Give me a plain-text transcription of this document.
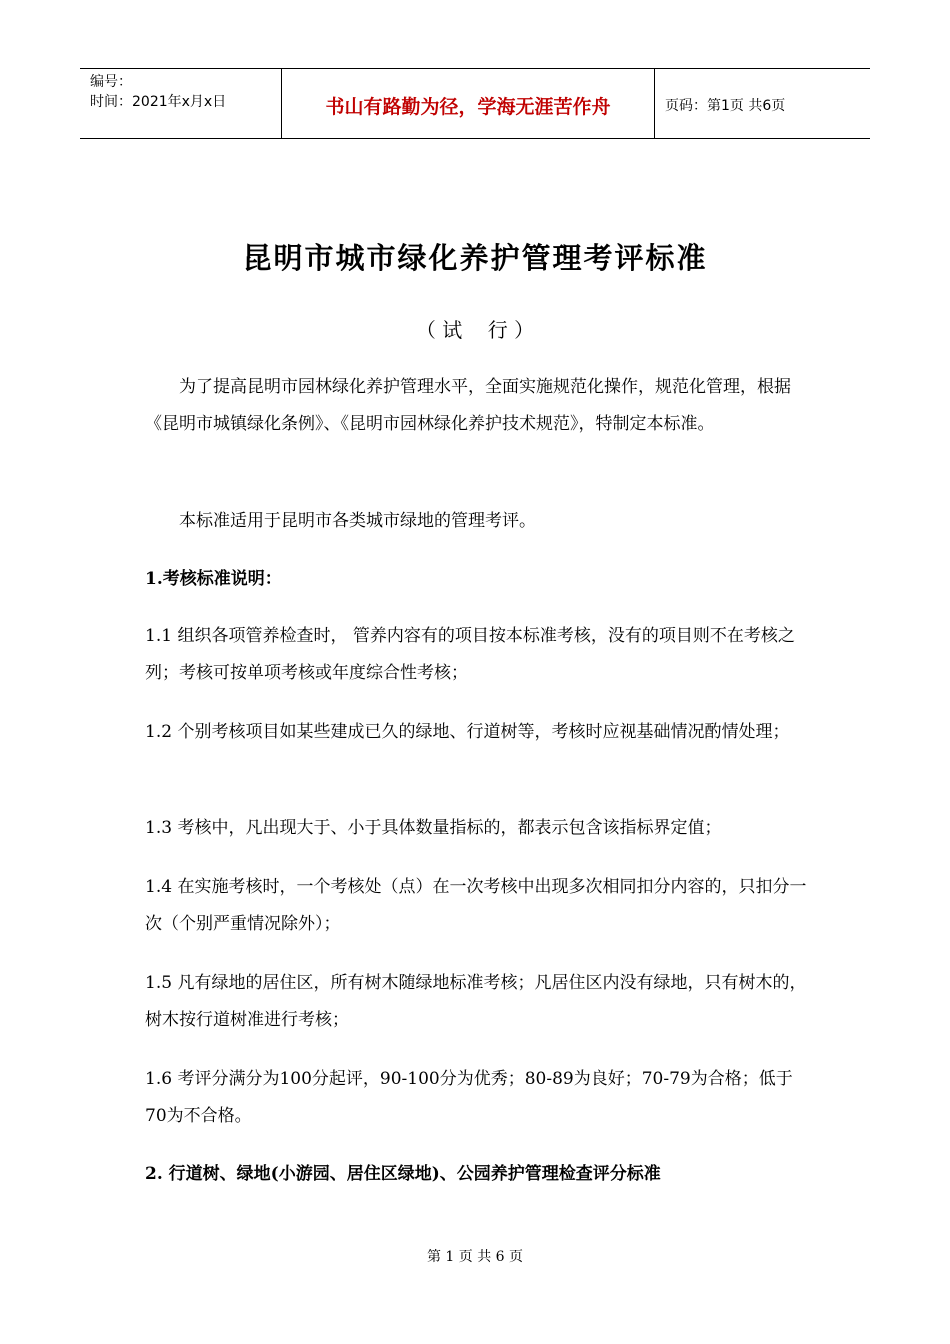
编号：
时间：2021年x月x日	书山有路勤为径，学海无涯苦作舟	页码：第1页 共6页
昆明市城市绿化养护管理考评标准
（ 试    行 ）

为了提高昆明市园林绿化养护管理水平，全面实施规范化操作，规范化管理，根据《昆明市城镇绿化条例》、《昆明市园林绿化养护技术规范》，特制定本标准。

本标准适用于昆明市各类城市绿地的管理考评。

1.考核标准说明：

1.1 组织各项管养检查时， 管养内容有的项目按本标准考核，没有的项目则不在考核之列；考核可按单项考核或年度综合性考核；

1.2 个别考核项目如某些建成已久的绿地、行道树等，考核时应视基础情况酌情处理；

1.3 考核中，凡出现大于、小于具体数量指标的，都表示包含该指标界定值；

1.4 在实施考核时，一个考核处（点）在一次考核中出现多次相同扣分内容的，只扣分一次（个别严重情况除外）；

1.5 凡有绿地的居住区，所有树木随绿地标准考核；凡居住区内没有绿地，只有树木的，树木按行道树准进行考核；

1.6 考评分满分为100分起评，90-100分为优秀；80-89为良好；70-79为合格；低于70为不合格。

2. 行道树、绿地(小游园、居住区绿地)、公园养护管理检查评分标准

第 1 页 共 6 页
